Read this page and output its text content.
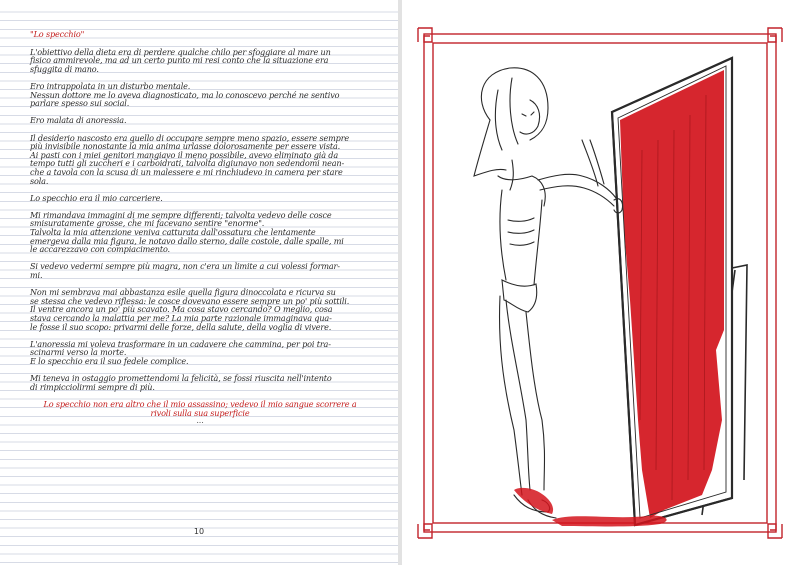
"Lo specchio"
L'obiettivo della dieta era di perdere qualche chilo per sfoggiare al mare un
fisico ammirevole, ma ad un certo punto mi resi conto che la situazione era
sfuggita di mano.
Ero intrappolata in un disturbo mentale.
Nessun dottore me lo aveva diagnosticato, ma lo conoscevo perché ne sentivo
parlare spesso sui social.
Ero malata di anoressia.
Il desiderio nascosto era quello di occupare sempre meno spazio, essere sempre
più invisibile nonostante la mia anima urlasse dolorosamente per essere vista.
Ai pasti con i miei genitori mangiavo il meno possibile, avevo eliminato già da
tempo tutti gli zuccheri e i carboidrati, talvolta digiunavo non sedendomi nean-
che a tavola con la scusa di un malessere e mi rinchiudevo in camera per stare
sola.
Lo specchio era il mio carceriere.
Mi rimandava immagini di me sempre differenti; talvolta vedevo delle cosce
smisuratamente grosse, che mi facevano sentire "enorme".
Talvolta la mia attenzione veniva catturata dall'ossatura che lentamente
emergeva dalla mia figura, le notavo dallo sterno, dalle costole, dalle spalle, mi
le accarezzavo con compiacimento.
Si vedevo vedermi sempre più magra, non c'era un limite a cui volessi formar-
mi.
Non mi sembrava mai abbastanza esile quella figura dinoccolata e ricurva su
se stessa che vedevo riflessa: le cosce dovevano essere sempre un po' più sottili.
Il ventre ancora un po' più scavato. Ma cosa stavo cercando? O meglio, cosa
stava cercando la malattia per me? La mia parte razionale immaginava qua-
le fosse il suo scopo: privarmi delle forze, della salute, della voglia di vivere.
L'anoressia mi voleva trasformare in un cadavere che cammina, per poi tra-
scinarmi verso la morte.
E lo specchio era il suo fedele complice.
Mi teneva in ostaggio promettendomi la felicità, se fossi riuscita nell'intento
di rimpicciolirmi sempre di più.
Lo specchio non era altro che il mio assassino; vedevo il mio sangue scorrere a
rivoli sulla sua superficie
...
10
